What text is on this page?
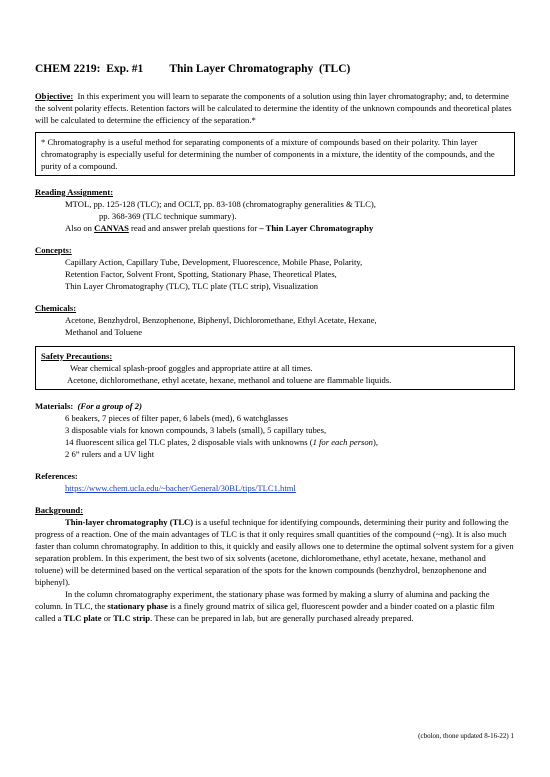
CHEM 2219: Exp. #1 Thin Layer Chromatography (TLC)

Objective: In this experiment you will learn to separate the components of a solution using thin layer chromatography; and, to determine the solvent polarity effects. Retention factors will be calculated to determine the identity of the unknown compounds and theoretical plates will be calculated to determine the efficiency of the separation.*

* Chromatography is a useful method for separating components of a mixture of compounds based on their polarity. Thin layer chromatography is especially useful for determining the number of components in a mixture, the identity of the compounds, and the purity of a compound.
Reading Assignment:
MTOL, pp. 125-128 (TLC); and OCLT, pp. 83-108 (chromatography generalities & TLC),
pp. 368-369 (TLC technique summary).
Also on CANVAS read and answer prelab questions for – Thin Layer Chromatography
Concepts:
Capillary Action, Capillary Tube, Development, Fluorescence, Mobile Phase, Polarity,
Retention Factor, Solvent Front, Spotting, Stationary Phase, Theoretical Plates,
Thin Layer Chromatography (TLC), TLC plate (TLC strip), Visualization
Chemicals:
Acetone, Benzhydrol, Benzophenone, Biphenyl, Dichloromethane, Ethyl Acetate, Hexane,
Methanol and Toluene
Safety Precautions:
Wear chemical splash-proof goggles and appropriate attire at all times.
Acetone, dichloromethane, ethyl acetate, hexane, methanol and toluene are flammable liquids.
Materials: (For a group of 2)
6 beakers, 7 pieces of filter paper, 6 labels (med), 6 watchglasses
3 disposable vials for known compounds, 3 labels (small), 5 capillary tubes,
14 fluorescent silica gel TLC plates, 2 disposable vials with unknowns (1 for each person),
2 6” rulers and a UV light
References:
https://www.chem.ucla.edu/~bacher/General/30BL/tips/TLC1.html
Background:

Thin-layer chromatography (TLC) is a useful technique for identifying compounds, determining their purity and following the progress of a reaction. One of the main advantages of TLC is that it only requires small quantities of the compound (~ng). It is also much faster than column chromatography. In addition to this, it quickly and easily allows one to determine the optimal solvent system for a given separation problem. In this experiment, the best two of six solvents (acetone, dichloromethane, ethyl acetate, hexane, methanol and toluene) will be determined based on the vertical separation of the spots for the known compounds (benzhydrol, benzophenone and biphenyl).

In the column chromatography experiment, the stationary phase was formed by making a slurry of alumina and packing the column. In TLC, the stationary phase is a finely ground matrix of silica gel, fluorescent powder and a binder coated on a plastic film called a TLC plate or TLC strip. These can be prepared in lab, but are generally purchased already prepared.

(cbolon, tbone updated 8-16-22) 1
